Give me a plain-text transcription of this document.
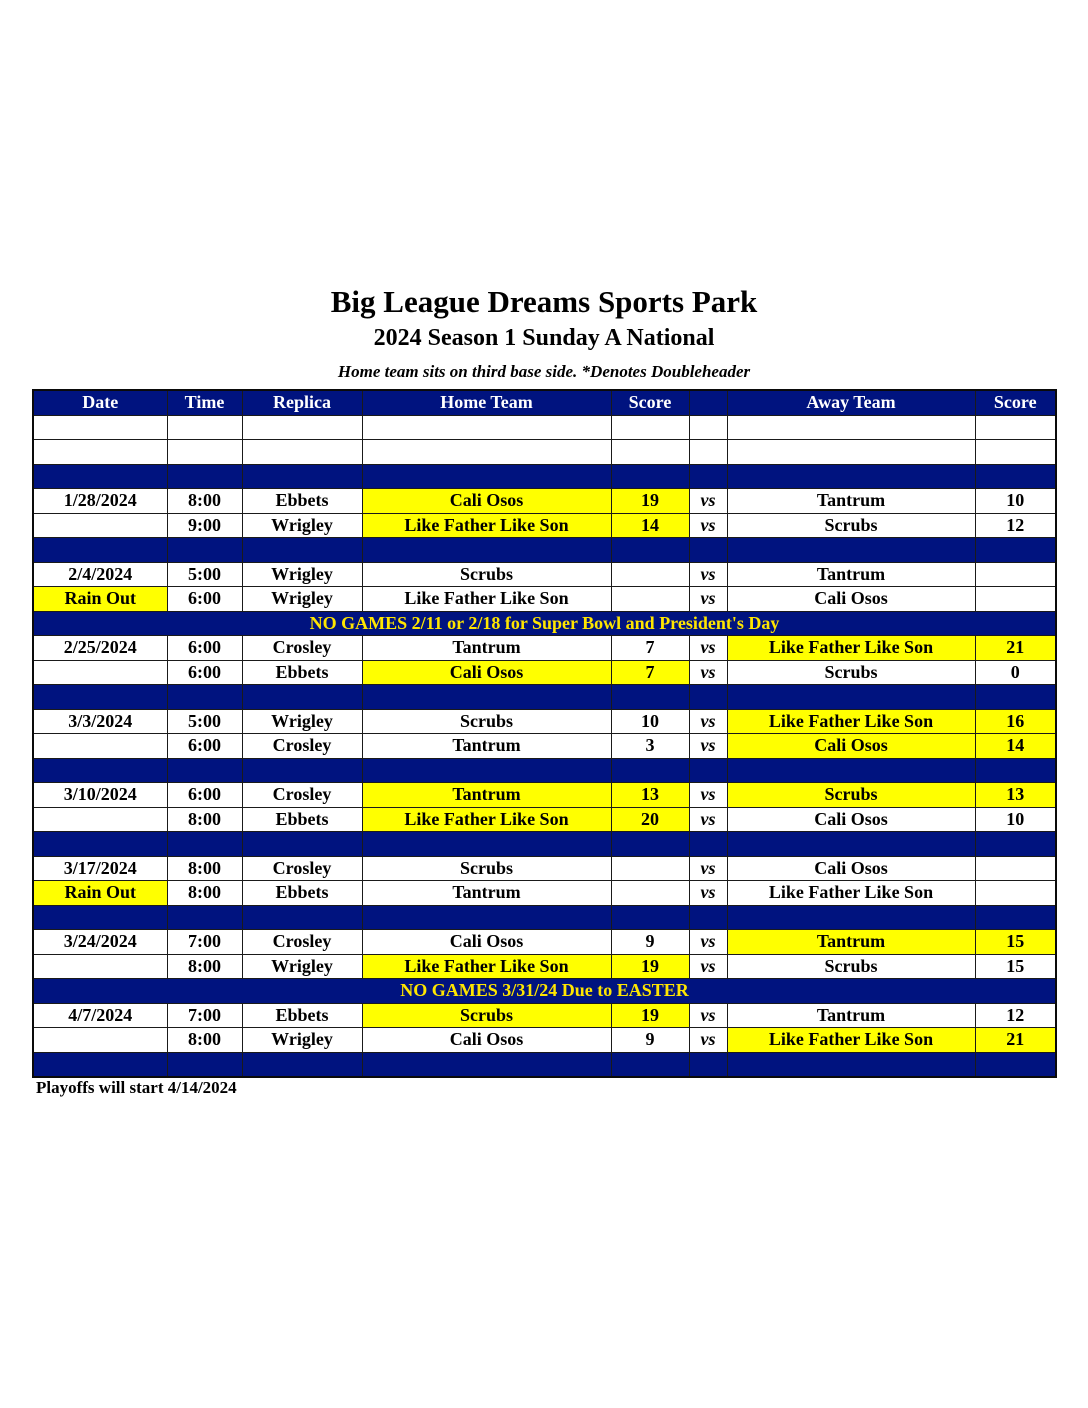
Big League Dreams Sports Park
2024 Season 1 Sunday A National
Home team sits on third base side. *Denotes Doubleheader
Date	Time	Replica	Home Team	Score		Away Team	Score

1/28/2024	8:00	Ebbets	Cali Osos	19	vs	Tantrum	10
	9:00	Wrigley	Like Father Like Son	14	vs	Scrubs	12

2/4/2024	5:00	Wrigley	Scrubs		vs	Tantrum	
Rain Out	6:00	Wrigley	Like Father Like Son		vs	Cali Osos	
NO GAMES 2/11 or 2/18 for Super Bowl and President's Day							
2/25/2024	6:00	Crosley	Tantrum	7	vs	Like Father Like Son	21
	6:00	Ebbets	Cali Osos	7	vs	Scrubs	0

3/3/2024	5:00	Wrigley	Scrubs	10	vs	Like Father Like Son	16
	6:00	Crosley	Tantrum	3	vs	Cali Osos	14

3/10/2024	6:00	Crosley	Tantrum	13	vs	Scrubs	13
	8:00	Ebbets	Like Father Like Son	20	vs	Cali Osos	10

3/17/2024	8:00	Crosley	Scrubs		vs	Cali Osos	
Rain Out	8:00	Ebbets	Tantrum		vs	Like Father Like Son	

3/24/2024	7:00	Crosley	Cali Osos	9	vs	Tantrum	15
	8:00	Wrigley	Like Father Like Son	19	vs	Scrubs	15
NO GAMES 3/31/24 Due to EASTER							
4/7/2024	7:00	Ebbets	Scrubs	19	vs	Tantrum	12
	8:00	Wrigley	Cali Osos	9	vs	Like Father Like Son	21

Playoffs will start 4/14/2024
